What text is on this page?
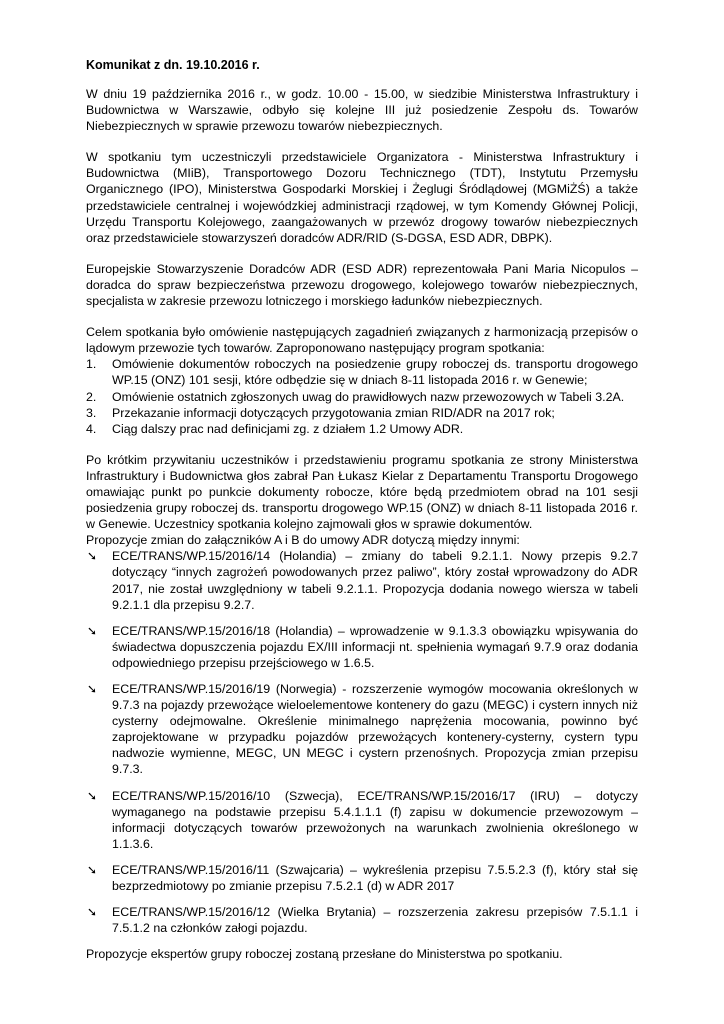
Komunikat z dn. 19.10.2016 r.

W dniu 19 października 2016 r., w godz. 10.00 - 15.00, w siedzibie Ministerstwa Infrastruktury i Budownictwa w Warszawie, odbyło się kolejne III już posiedzenie Zespołu ds. Towarów Niebezpiecznych w sprawie przewozu towarów niebezpiecznych.

W spotkaniu tym uczestniczyli przedstawiciele Organizatora - Ministerstwa Infrastruktury i Budownictwa (MIiB), Transportowego Dozoru Technicznego (TDT), Instytutu Przemysłu Organicznego (IPO), Ministerstwa Gospodarki Morskiej i Żeglugi Śródlądowej (MGMiŻŚ) a także przedstawiciele centralnej i wojewódzkiej administracji rządowej, w tym Komendy Głównej Policji, Urzędu Transportu Kolejowego, zaangażowanych w przewóz drogowy towarów niebezpiecznych oraz przedstawiciele stowarzyszeń doradców ADR/RID (S-DGSA, ESD ADR, DBPK).

Europejskie Stowarzyszenie Doradców ADR (ESD ADR) reprezentowała Pani Maria Nicopulos – doradca do spraw bezpieczeństwa przewozu drogowego, kolejowego towarów niebezpiecznych, specjalista w zakresie przewozu lotniczego i morskiego ładunków niebezpiecznych.

Celem spotkania było omówienie następujących zagadnień związanych z harmonizacją przepisów o lądowym przewozie tych towarów. Zaproponowano następujący program spotkania:

1. Omówienie dokumentów roboczych na posiedzenie grupy roboczej ds. transportu drogowego WP.15 (ONZ) 101 sesji, które odbędzie się w dniach 8-11 listopada 2016 r. w Genewie;
2. Omówienie ostatnich zgłoszonych uwag do prawidłowych nazw przewozowych w Tabeli 3.2A.
3. Przekazanie informacji dotyczących przygotowania zmian RID/ADR na 2017 rok;
4. Ciąg dalszy prac nad definicjami zg. z działem 1.2 Umowy ADR.

Po krótkim przywitaniu uczestników i przedstawieniu programu spotkania ze strony Ministerstwa Infrastruktury i Budownictwa głos zabrał Pan Łukasz Kielar z Departamentu Transportu Drogowego omawiając punkt po punkcie dokumenty robocze, które będą przedmiotem obrad na 101 sesji posiedzenia grupy roboczej ds. transportu drogowego WP.15 (ONZ) w dniach 8-11 listopada 2016 r. w Genewie. Uczestnicy spotkania kolejno zajmowali głos w sprawie dokumentów.

Propozycje zmian do załączników A i B do umowy ADR dotyczą między innymi:

➘ ECE/TRANS/WP.15/2016/14 (Holandia) – zmiany do tabeli 9.2.1.1. Nowy przepis 9.2.7 dotyczący “innych zagrożeń powodowanych przez paliwo”, który został wprowadzony do ADR 2017, nie został uwzględniony w tabeli 9.2.1.1. Propozycja dodania nowego wiersza w tabeli 9.2.1.1 dla przepisu 9.2.7.
➘ ECE/TRANS/WP.15/2016/18 (Holandia) – wprowadzenie w 9.1.3.3 obowiązku wpisywania do świadectwa dopuszczenia pojazdu EX/III informacji nt. spełnienia wymagań 9.7.9 oraz dodania odpowiedniego przepisu przejściowego w 1.6.5.
➘ ECE/TRANS/WP.15/2016/19 (Norwegia) - rozszerzenie wymogów mocowania określonych w 9.7.3 na pojazdy przewożące wieloelementowe kontenery do gazu (MEGC) i cystern innych niż cysterny odejmowalne. Określenie minimalnego naprężenia mocowania, powinno być zaprojektowane w przypadku pojazdów przewożących kontenery-cysterny, cystern typu nadwozie wymienne, MEGC, UN MEGC i cystern przenośnych. Propozycja zmian przepisu 9.7.3.
➘ ECE/TRANS/WP.15/2016/10 (Szwecja), ECE/TRANS/WP.15/2016/17 (IRU) – dotyczy wymaganego na podstawie przepisu 5.4.1.1.1 (f) zapisu w dokumencie przewozowym – informacji dotyczących towarów przewożonych na warunkach zwolnienia określonego w 1.1.3.6.
➘ ECE/TRANS/WP.15/2016/11 (Szwajcaria) – wykreślenia przepisu 7.5.5.2.3 (f), który stał się bezprzedmiotowy po zmianie przepisu 7.5.2.1 (d) w ADR 2017
➘ ECE/TRANS/WP.15/2016/12 (Wielka Brytania) – rozszerzenia zakresu przepisów 7.5.1.1 i 7.5.1.2 na członków załogi pojazdu.

Propozycje ekspertów grupy roboczej zostaną przesłane do Ministerstwa po spotkaniu.
